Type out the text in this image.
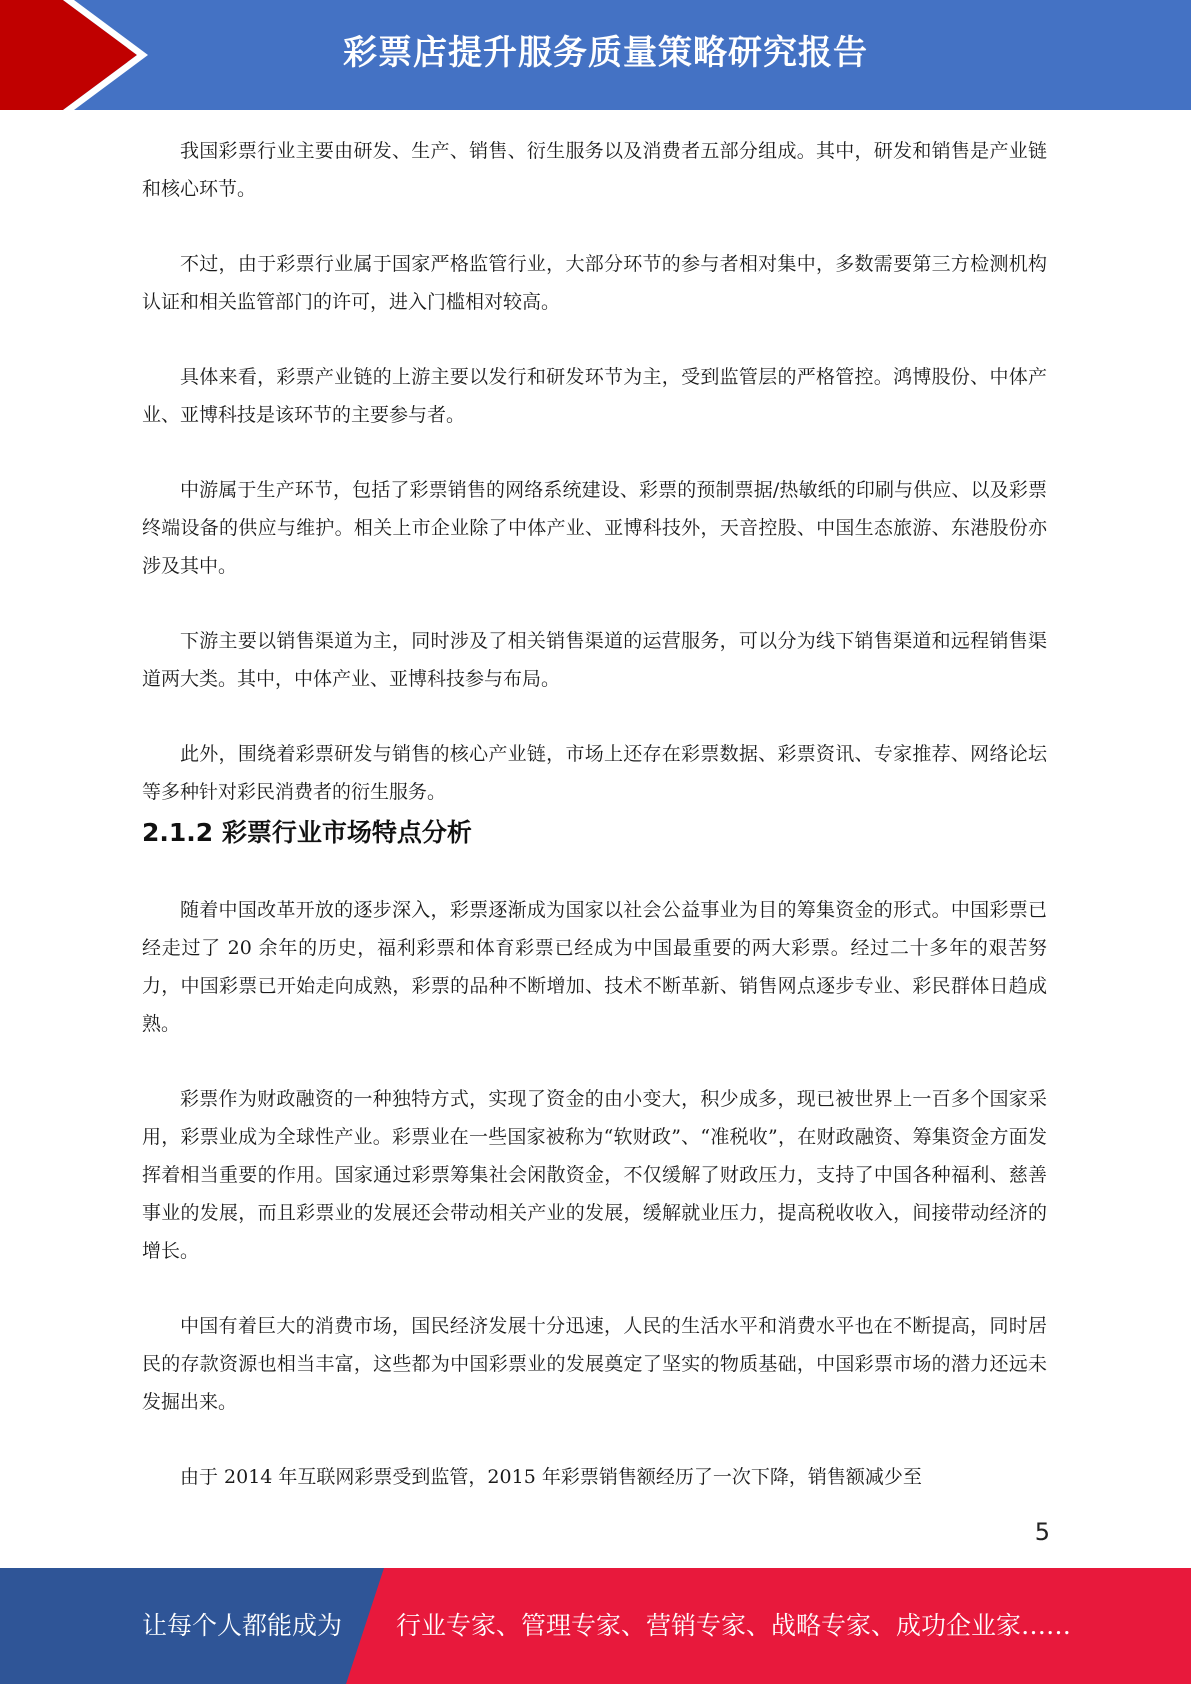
彩票店提升服务质量策略研究报告

我国彩票行业主要由研发、生产、销售、衍生服务以及消费者五部分组成。其中，研发和销售是产业链和核心环节。

不过，由于彩票行业属于国家严格监管行业，大部分环节的参与者相对集中，多数需要第三方检测机构认证和相关监管部门的许可，进入门槛相对较高。

具体来看，彩票产业链的上游主要以发行和研发环节为主，受到监管层的严格管控。鸿博股份、中体产业、亚博科技是该环节的主要参与者。

中游属于生产环节，包括了彩票销售的网络系统建设、彩票的预制票据/热敏纸的印刷与供应、以及彩票终端设备的供应与维护。相关上市企业除了中体产业、亚博科技外，天音控股、中国生态旅游、东港股份亦涉及其中。

下游主要以销售渠道为主，同时涉及了相关销售渠道的运营服务，可以分为线下销售渠道和远程销售渠道两大类。其中，中体产业、亚博科技参与布局。

此外，围绕着彩票研发与销售的核心产业链，市场上还存在彩票数据、彩票资讯、专家推荐、网络论坛等多种针对彩民消费者的衍生服务。

2.1.2 彩票行业市场特点分析

随着中国改革开放的逐步深入，彩票逐渐成为国家以社会公益事业为目的筹集资金的形式。中国彩票已经走过了 20 余年的历史，福利彩票和体育彩票已经成为中国最重要的两大彩票。经过二十多年的艰苦努力，中国彩票已开始走向成熟，彩票的品种不断增加、技术不断革新、销售网点逐步专业、彩民群体日趋成熟。

彩票作为财政融资的一种独特方式，实现了资金的由小变大，积少成多，现已被世界上一百多个国家采用，彩票业成为全球性产业。彩票业在一些国家被称为“软财政”、“准税收”，在财政融资、筹集资金方面发挥着相当重要的作用。国家通过彩票筹集社会闲散资金，不仅缓解了财政压力，支持了中国各种福利、慈善事业的发展，而且彩票业的发展还会带动相关产业的发展，缓解就业压力，提高税收收入，间接带动经济的增长。

中国有着巨大的消费市场，国民经济发展十分迅速，人民的生活水平和消费水平也在不断提高，同时居民的存款资源也相当丰富，这些都为中国彩票业的发展奠定了坚实的物质基础，中国彩票市场的潜力还远未发掘出来。

由于 2014 年互联网彩票受到监管，2015 年彩票销售额经历了一次下降，销售额减少至

5
让每个人都能成为 行业专家、管理专家、营销专家、战略专家、成功企业家……
